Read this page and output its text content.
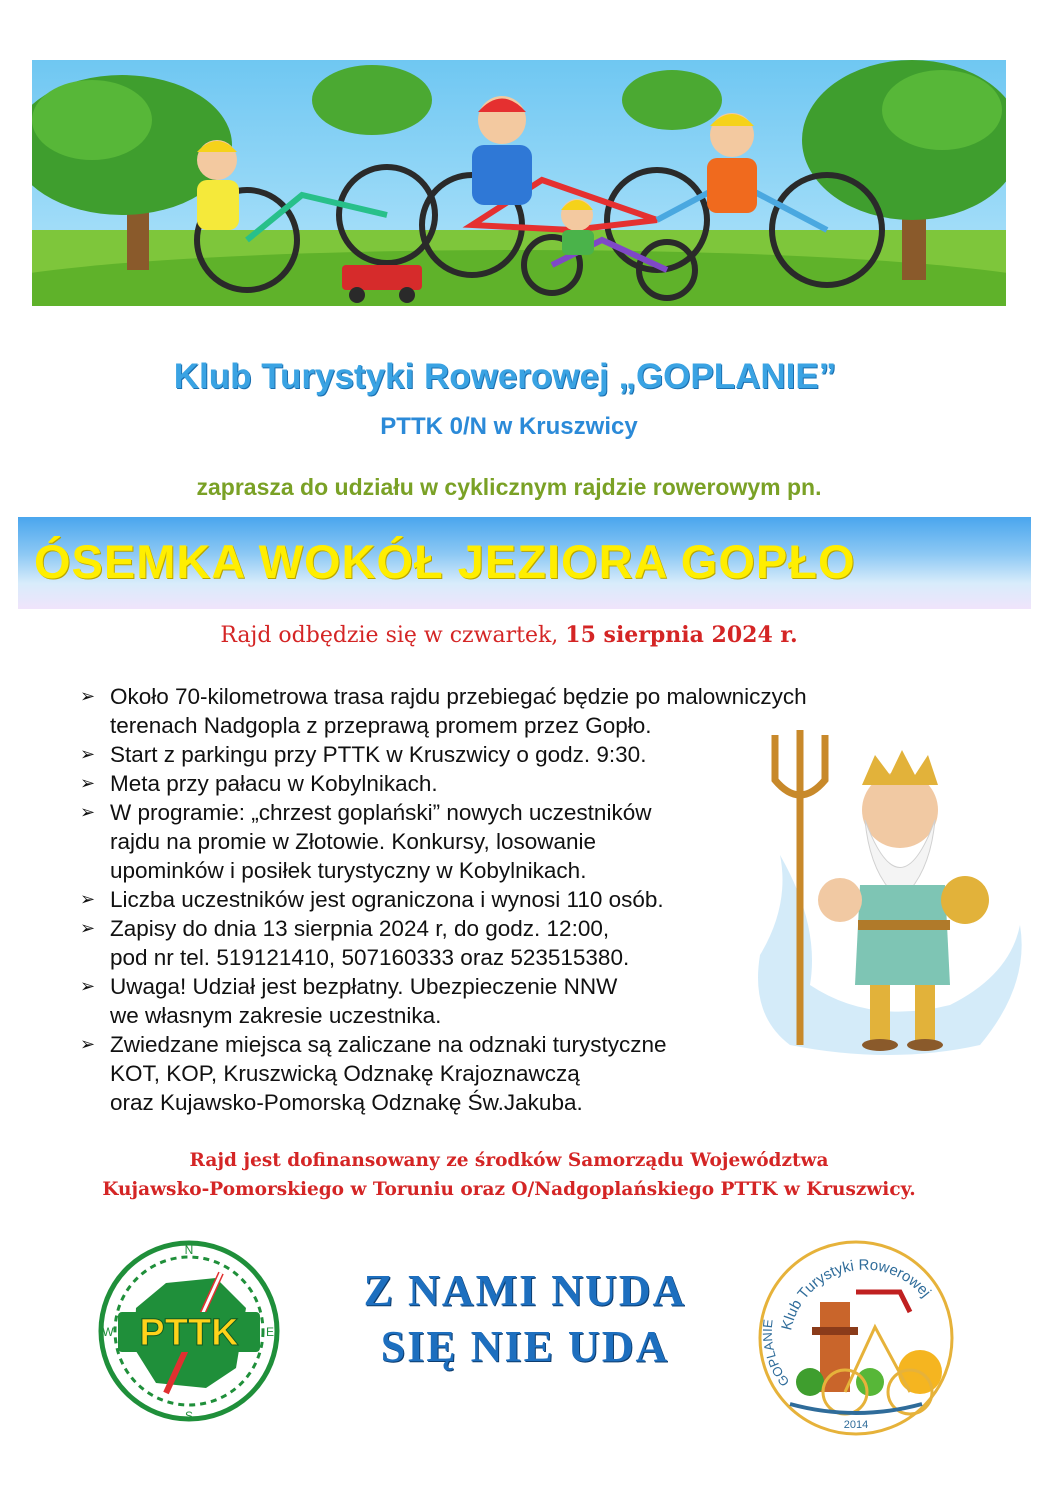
Klub Turystyki Rowerowej „GOPLANIE”
PTTK 0/N w Kruszwicy
zaprasza do udziału w cyklicznym rajdzie rowerowym pn.
ÓSEMKA WOKÓŁ JEZIORA GOPŁO
Rajd odbędzie się w czwartek, 15 sierpnia 2024 r.
➢ Około 70-kilometrowa trasa rajdu przebiegać będzie po malowniczych
terenach Nadgopla z przeprawą promem przez Gopło.
➢ Start z parkingu przy PTTK w Kruszwicy o godz. 9:30.
➢ Meta przy pałacu w Kobylnikach.
➢ W programie: „chrzest goplański” nowych uczestników
rajdu na promie w Złotowie. Konkursy, losowanie
upominków i posiłek turystyczny w Kobylnikach.
➢ Liczba uczestników jest ograniczona i wynosi 110 osób.
➢ Zapisy do dnia 13 sierpnia 2024 r, do godz. 12:00,
pod nr tel. 519121410, 507160333 oraz 523515380.
➢ Uwaga! Udział jest bezpłatny. Ubezpieczenie NNW
we własnym zakresie uczestnika.
➢ Zwiedzane miejsca są zaliczane na odznaki turystyczne
KOT, KOP, Kruszwicką Odznakę Krajoznawczą
oraz Kujawsko-Pomorską Odznakę Św.Jakuba.
Rajd jest dofinansowany ze środków Samorządu Województwa
Kujawsko-Pomorskiego w Toruniu oraz O/Nadgoplańskiego PTTK w Kruszwicy.
PTTK
N
S
E
W
Z NAMI NUDA
SIĘ NIE UDA	Klub Turystyki Rowerowej
GOPLANIE
2014
